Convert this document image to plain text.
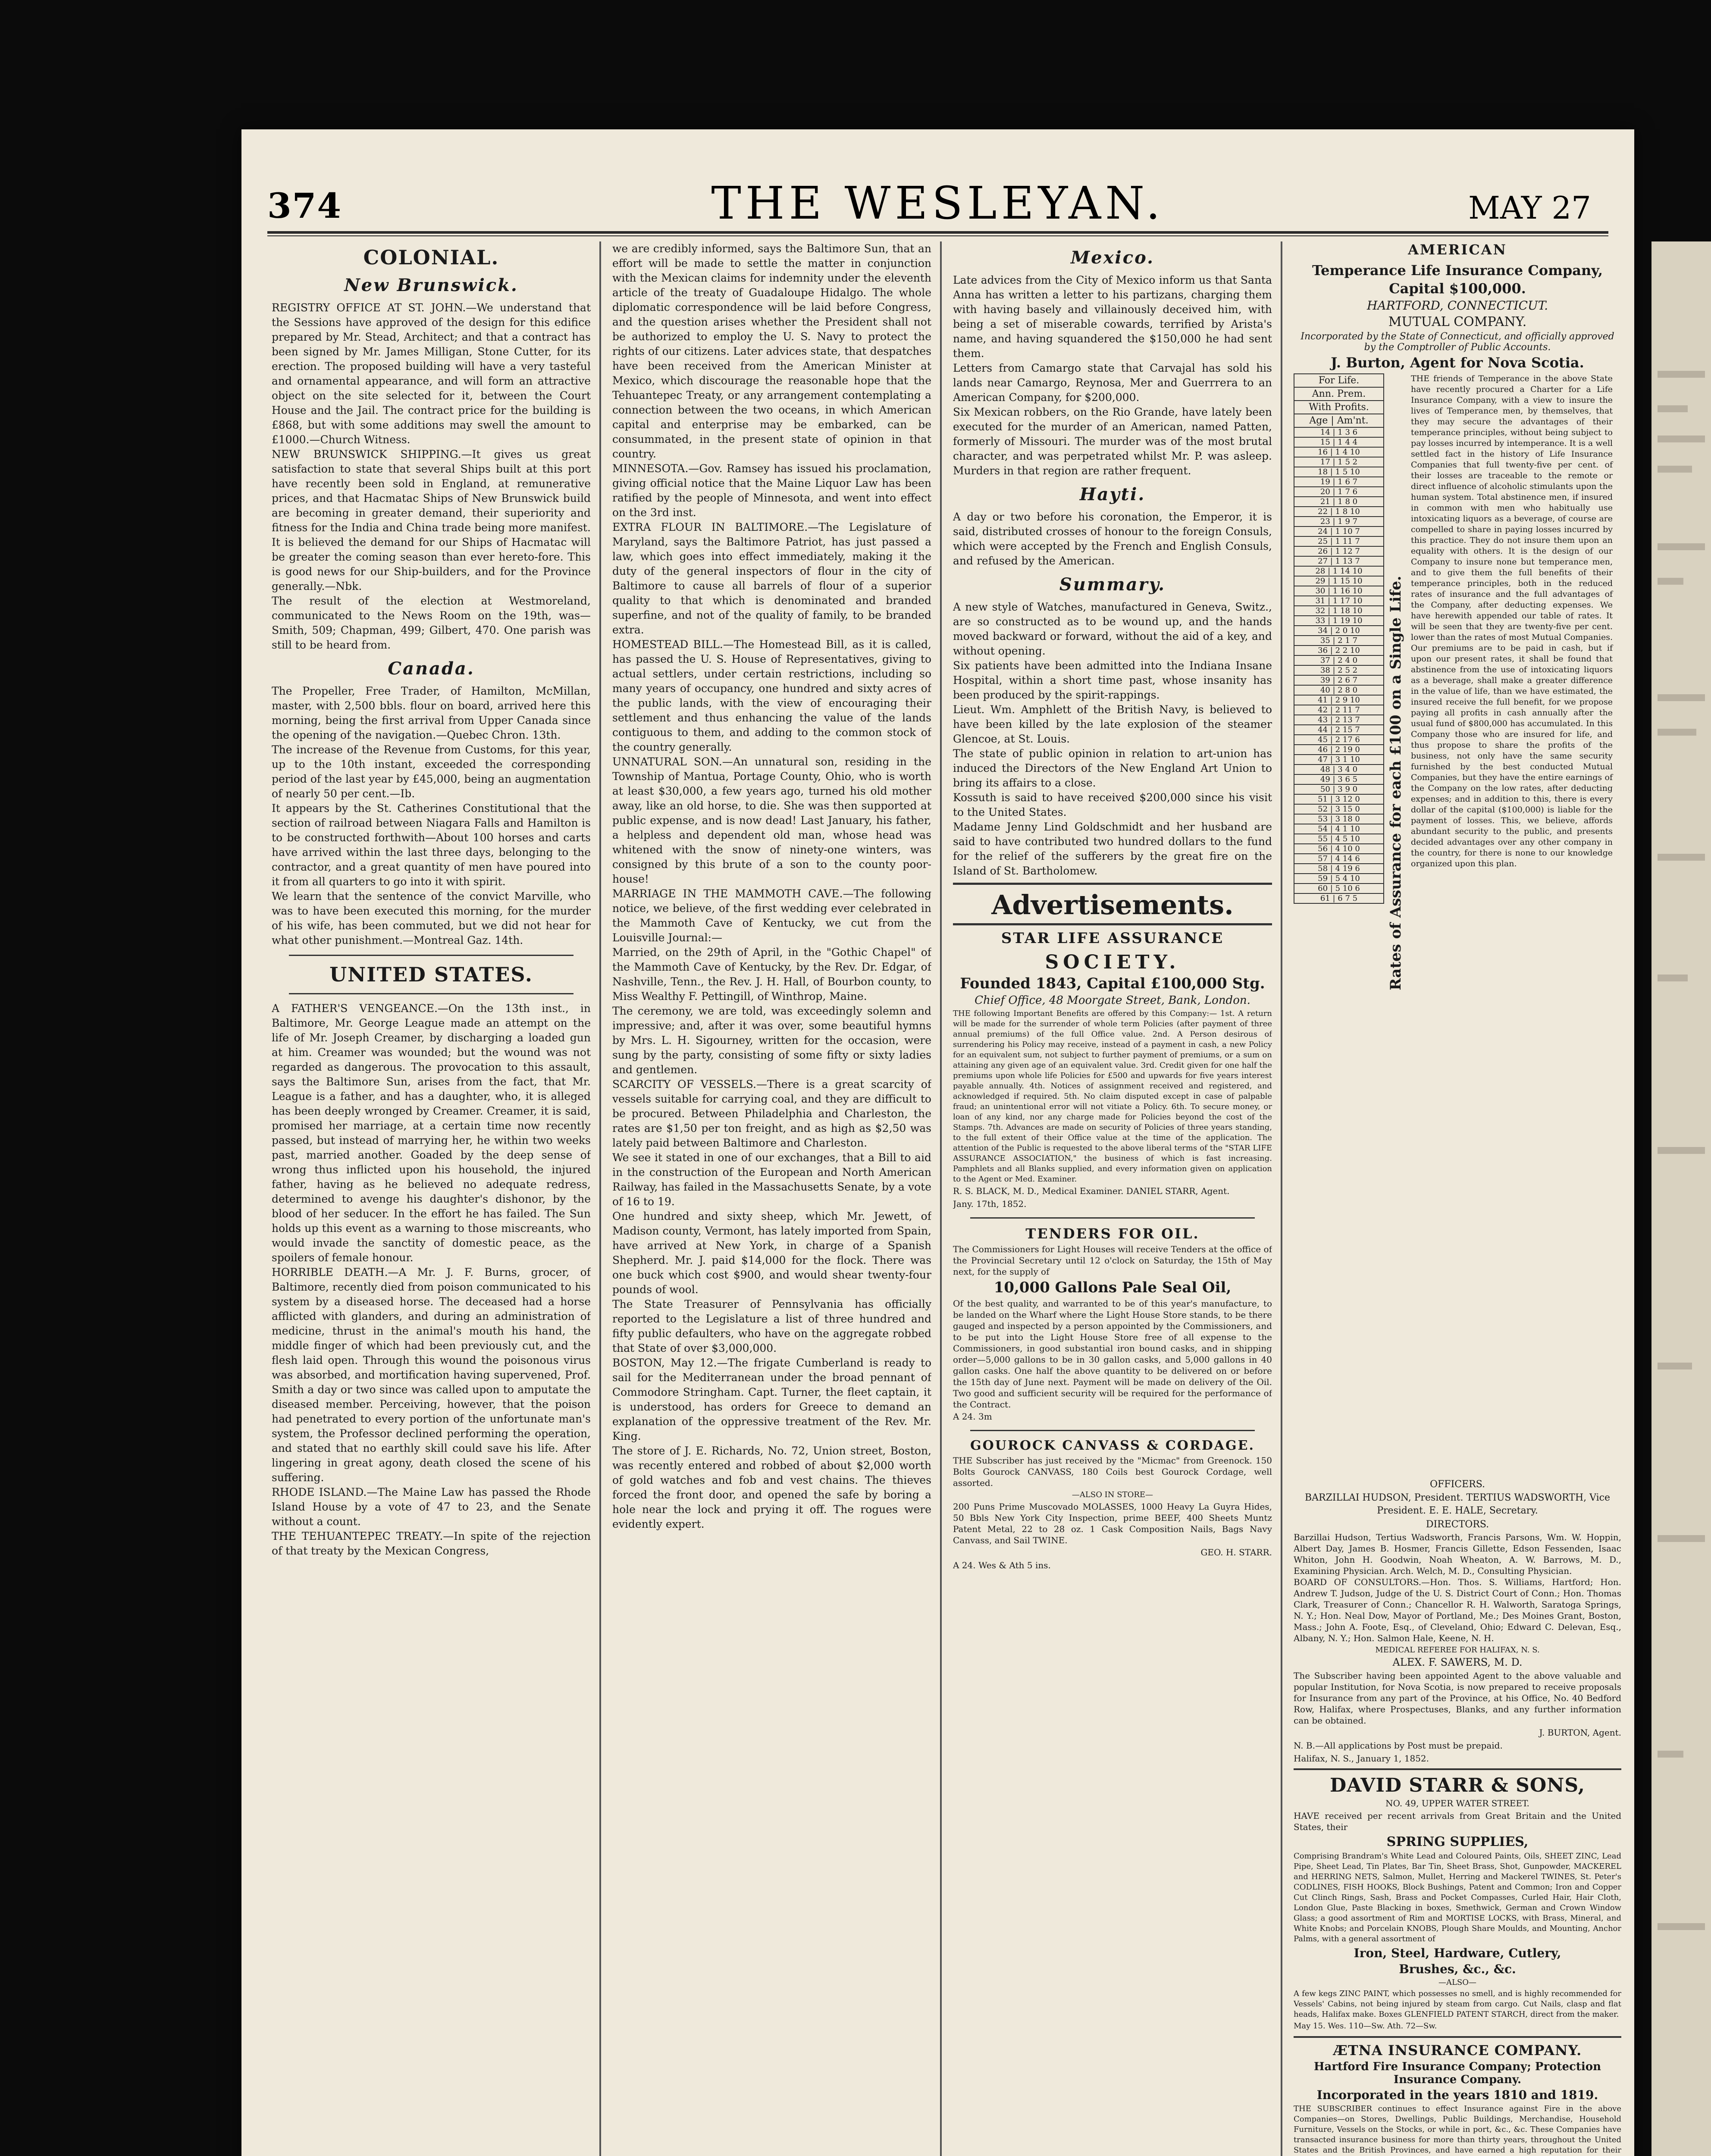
374	THE WESLEYAN.	MAY 27
COLONIAL.
New Brunswick.

REGISTRY OFFICE AT ST. JOHN.—We understand that the Sessions have approved of the design for this edifice prepared by Mr. Stead, Architect; and that a contract has been signed by Mr. James Milligan, Stone Cutter, for its erection. The proposed building will have a very tasteful and ornamental appearance, and will form an attractive object on the site selected for it, between the Court House and the Jail. The contract price for the building is £868, but with some additions may swell the amount to £1000.—Church Witness.

NEW BRUNSWICK SHIPPING.—It gives us great satisfaction to state that several Ships built at this port have recently been sold in England, at remunerative prices, and that Hacmatac Ships of New Brunswick build are becoming in greater demand, their superiority and fitness for the India and China trade being more manifest. It is believed the demand for our Ships of Hacmatac will be greater the coming season than ever hereto-fore. This is good news for our Ship-builders, and for the Province generally.—Nbk.

The result of the election at Westmoreland, communicated to the News Room on the 19th, was—Smith, 509; Chapman, 499; Gilbert, 470. One parish was still to be heard from.

Canada.

The Propeller, Free Trader, of Hamilton, McMillan, master, with 2,500 bbls. flour on board, arrived here this morning, being the first arrival from Upper Canada since the opening of the navigation.—Quebec Chron. 13th.

The increase of the Revenue from Customs, for this year, up to the 10th instant, exceeded the corresponding period of the last year by £45,000, being an augmentation of nearly 50 per cent.—Ib.

It appears by the St. Catherines Constitutional that the section of railroad between Niagara Falls and Hamilton is to be constructed forthwith—About 100 horses and carts have arrived within the last three days, belonging to the contractor, and a great quantity of men have poured into it from all quarters to go into it with spirit.

We learn that the sentence of the convict Marville, who was to have been executed this morning, for the murder of his wife, has been commuted, but we did not hear for what other punishment.—Montreal Gaz. 14th.

UNITED STATES.

A FATHER'S VENGEANCE.—On the 13th inst., in Baltimore, Mr. George League made an attempt on the life of Mr. Joseph Creamer, by discharging a loaded gun at him. Creamer was wounded; but the wound was not regarded as dangerous. The provocation to this assault, says the Baltimore Sun, arises from the fact, that Mr. League is a father, and has a daughter, who, it is alleged has been deeply wronged by Creamer. Creamer, it is said, promised her marriage, at a certain time now recently passed, but instead of marrying her, he within two weeks past, married another. Goaded by the deep sense of wrong thus inflicted upon his household, the injured father, having as he believed no adequate redress, determined to avenge his daughter's dishonor, by the blood of her seducer. In the effort he has failed. The Sun holds up this event as a warning to those miscreants, who would invade the sanctity of domestic peace, as the spoilers of female honour.

HORRIBLE DEATH.—A Mr. J. F. Burns, grocer, of Baltimore, recently died from poison communicated to his system by a diseased horse. The deceased had a horse afflicted with glanders, and during an administration of medicine, thrust in the animal's mouth his hand, the middle finger of which had been previously cut, and the flesh laid open. Through this wound the poisonous virus was absorbed, and mortification having supervened, Prof. Smith a day or two since was called upon to amputate the diseased member. Perceiving, however, that the poison had penetrated to every portion of the unfortunate man's system, the Professor declined performing the operation, and stated that no earthly skill could save his life. After lingering in great agony, death closed the scene of his suffering.

RHODE ISLAND.—The Maine Law has passed the Rhode Island House by a vote of 47 to 23, and the Senate without a count.

THE TEHUANTEPEC TREATY.—In spite of the rejection of that treaty by the Mexican Congress,

we are credibly informed, says the Baltimore Sun, that an effort will be made to settle the matter in conjunction with the Mexican claims for indemnity under the eleventh article of the treaty of Guadaloupe Hidalgo. The whole diplomatic correspondence will be laid before Congress, and the question arises whether the President shall not be authorized to employ the U. S. Navy to protect the rights of our citizens. Later advices state, that despatches have been received from the American Minister at Mexico, which discourage the reasonable hope that the Tehuantepec Treaty, or any arrangement contemplating a connection between the two oceans, in which American capital and enterprise may be embarked, can be consummated, in the present state of opinion in that country.

MINNESOTA.—Gov. Ramsey has issued his proclamation, giving official notice that the Maine Liquor Law has been ratified by the people of Minnesota, and went into effect on the 3rd inst.

EXTRA FLOUR IN BALTIMORE.—The Legislature of Maryland, says the Baltimore Patriot, has just passed a law, which goes into effect immediately, making it the duty of the general inspectors of flour in the city of Baltimore to cause all barrels of flour of a superior quality to that which is denominated and branded superfine, and not of the quality of family, to be branded extra.

HOMESTEAD BILL.—The Homestead Bill, as it is called, has passed the U. S. House of Representatives, giving to actual settlers, under certain restrictions, including so many years of occupancy, one hundred and sixty acres of the public lands, with the view of encouraging their settlement and thus enhancing the value of the lands contiguous to them, and adding to the common stock of the country generally.

UNNATURAL SON.—An unnatural son, residing in the Township of Mantua, Portage County, Ohio, who is worth at least $30,000, a few years ago, turned his old mother away, like an old horse, to die. She was then supported at public expense, and is now dead! Last January, his father, a helpless and dependent old man, whose head was whitened with the snow of ninety-one winters, was consigned by this brute of a son to the county poor-house!

MARRIAGE IN THE MAMMOTH CAVE.—The following notice, we believe, of the first wedding ever celebrated in the Mammoth Cave of Kentucky, we cut from the Louisville Journal:—

Married, on the 29th of April, in the "Gothic Chapel" of the Mammoth Cave of Kentucky, by the Rev. Dr. Edgar, of Nashville, Tenn., the Rev. J. H. Hall, of Bourbon county, to Miss Wealthy F. Pettingill, of Winthrop, Maine.

The ceremony, we are told, was exceedingly solemn and impressive; and, after it was over, some beautiful hymns by Mrs. L. H. Sigourney, written for the occasion, were sung by the party, consisting of some fifty or sixty ladies and gentlemen.

SCARCITY OF VESSELS.—There is a great scarcity of vessels suitable for carrying coal, and they are difficult to be procured. Between Philadelphia and Charleston, the rates are $1,50 per ton freight, and as high as $2,50 was lately paid between Baltimore and Charleston.

We see it stated in one of our exchanges, that a Bill to aid in the construction of the European and North American Railway, has failed in the Massachusetts Senate, by a vote of 16 to 19.

One hundred and sixty sheep, which Mr. Jewett, of Madison county, Vermont, has lately imported from Spain, have arrived at New York, in charge of a Spanish Shepherd. Mr. J. paid $14,000 for the flock. There was one buck which cost $900, and would shear twenty-four pounds of wool.

The State Treasurer of Pennsylvania has officially reported to the Legislature a list of three hundred and fifty public defaulters, who have on the aggregate robbed that State of over $3,000,000.

BOSTON, May 12.—The frigate Cumberland is ready to sail for the Mediterranean under the broad pennant of Commodore Stringham. Capt. Turner, the fleet captain, it is understood, has orders for Greece to demand an explanation of the oppressive treatment of the Rev. Mr. King.

The store of J. E. Richards, No. 72, Union street, Boston, was recently entered and robbed of about $2,000 worth of gold watches and fob and vest chains. The thieves forced the front door, and opened the safe by boring a hole near the lock and prying it off. The rogues were evidently expert.

Mexico.

Late advices from the City of Mexico inform us that Santa Anna has written a letter to his partizans, charging them with having basely and villainously deceived him, with being a set of miserable cowards, terrified by Arista's name, and having squandered the $150,000 he had sent them.

Letters from Camargo state that Carvajal has sold his lands near Camargo, Reynosa, Mer and Guerrrera to an American Company, for $200,000.

Six Mexican robbers, on the Rio Grande, have lately been executed for the murder of an American, named Patten, formerly of Missouri. The murder was of the most brutal character, and was perpetrated whilst Mr. P. was asleep. Murders in that region are rather frequent.

Hayti.

A day or two before his coronation, the Emperor, it is said, distributed crosses of honour to the foreign Consuls, which were accepted by the French and English Consuls, and refused by the American.

Summary.

A new style of Watches, manufactured in Geneva, Switz., are so constructed as to be wound up, and the hands moved backward or forward, without the aid of a key, and without opening.

Six patients have been admitted into the Indiana Insane Hospital, within a short time past, whose insanity has been produced by the spirit-rappings.

Lieut. Wm. Amphlett of the British Navy, is believed to have been killed by the late explosion of the steamer Glencoe, at St. Louis.

The state of public opinion in relation to art-union has induced the Directors of the New England Art Union to bring its affairs to a close.

Kossuth is said to have received $200,000 since his visit to the United States.

Madame Jenny Lind Goldschmidt and her husband are said to have contributed two hundred dollars to the fund for the relief of the sufferers by the great fire on the Island of St. Bartholomew.

Advertisements.
STAR LIFE ASSURANCE
SOCIETY.
Founded 1843, Capital £100,000 Stg.
Chief Office, 48 Moorgate Street, Bank, London.

THE following Important Benefits are offered by this Company:— 1st. A return will be made for the surrender of whole term Policies (after payment of three annual premiums) of the full Office value. 2nd. A Person desirous of surrendering his Policy may receive, instead of a payment in cash, a new Policy for an equivalent sum, not subject to further payment of premiums, or a sum on attaining any given age of an equivalent value. 3rd. Credit given for one half the premiums upon whole life Policies for £500 and upwards for five years interest payable annually. 4th. Notices of assignment received and registered, and acknowledged if required. 5th. No claim disputed except in case of palpable fraud; an unintentional error will not vitiate a Policy. 6th. To secure money, or loan of any kind, nor any charge made for Policies beyond the cost of the Stamps. 7th. Advances are made on security of Policies of three years standing, to the full extent of their Office value at the time of the application. The attention of the Public is requested to the above liberal terms of the "STAR LIFE ASSURANCE ASSOCIATION," the business of which is fast increasing. Pamphlets and all Blanks supplied, and every information given on application to the Agent or Med. Examiner.

R. S. BLACK, M. D., Medical Examiner. DANIEL STARR, Agent.

Jany. 17th, 1852.

TENDERS FOR OIL.

The Commissioners for Light Houses will receive Tenders at the office of the Provincial Secretary until 12 o'clock on Saturday, the 15th of May next, for the supply of

10,000 Gallons Pale Seal Oil,

Of the best quality, and warranted to be of this year's manufacture, to be landed on the Wharf where the Light House Store stands, to be there gauged and inspected by a person appointed by the Commissioners, and to be put into the Light House Store free of all expense to the Commissioners, in good substantial iron bound casks, and in shipping order—5,000 gallons to be in 30 gallon casks, and 5,000 gallons in 40 gallon casks. One half the above quantity to be delivered on or before the 15th day of June next. Payment will be made on delivery of the Oil. Two good and sufficient security will be required for the performance of the Contract.

A 24. 3m

GOUROCK CANVASS & CORDAGE.

THE Subscriber has just received by the "Micmac" from Greenock. 150 Bolts Gourock CANVASS, 180 Coils best Gourock Cordage, well assorted.

—ALSO IN STORE—

200 Puns Prime Muscovado MOLASSES, 1000 Heavy La Guyra Hides, 50 Bbls New York City Inspection, prime BEEF, 400 Sheets Muntz Patent Metal, 22 to 28 oz. 1 Cask Composition Nails, Bags Navy Canvass, and Sail TWINE.

GEO. H. STARR.

A 24. Wes & Ath 5 ins.

AMERICAN
Temperance Life Insurance Company,
Capital $100,000.
HARTFORD, CONNECTICUT.
MUTUAL COMPANY.
Incorporated by the State of Connecticut, and officially approved by the Comptroller of Public Accounts.
J. Burton, Agent for Nova Scotia.
For Life.
Ann. Prem.
With Profits.
Age | Am'nt.
14 | 1 3 6
15 | 1 4 4
16 | 1 4 10
17 | 1 5 2
18 | 1 5 10
19 | 1 6 7
20 | 1 7 6
21 | 1 8 0
22 | 1 8 10
23 | 1 9 7
24 | 1 10 7
25 | 1 11 7
26 | 1 12 7
27 | 1 13 7
28 | 1 14 10
29 | 1 15 10
30 | 1 16 10
31 | 1 17 10
32 | 1 18 10
33 | 1 19 10
34 | 2 0 10
35 | 2 1 7
36 | 2 2 10
37 | 2 4 0
38 | 2 5 2
39 | 2 6 7
40 | 2 8 0
41 | 2 9 10
42 | 2 11 7
43 | 2 13 7
44 | 2 15 7
45 | 2 17 6
46 | 2 19 0
47 | 3 1 10
48 | 3 4 0
49 | 3 6 5
50 | 3 9 0
51 | 3 12 0
52 | 3 15 0
53 | 3 18 0
54 | 4 1 10
55 | 4 5 10
56 | 4 10 0
57 | 4 14 6
58 | 4 19 6
59 | 5 4 10
60 | 5 10 6
61 | 6 7 5 Rates of Assurance for each £100 on a Single Life.

THE friends of Temperance in the above State have recently procured a Charter for a Life Insurance Company, with a view to insure the lives of Temperance men, by themselves, that they may secure the advantages of their temperance principles, without being subject to pay losses incurred by intemperance. It is a well settled fact in the history of Life Insurance Companies that full twenty-five per cent. of their losses are traceable to the remote or direct influence of alcoholic stimulants upon the human system. Total abstinence men, if insured in common with men who habitually use intoxicating liquors as a beverage, of course are compelled to share in paying losses incurred by this practice. They do not insure them upon an equality with others. It is the design of our Company to insure none but temperance men, and to give them the full benefits of their temperance principles, both in the reduced rates of insurance and the full advantages of the Company, after deducting expenses. We have herewith appended our table of rates. It will be seen that they are twenty-five per cent. lower than the rates of most Mutual Companies. Our premiums are to be paid in cash, but if upon our present rates, it shall be found that abstinence from the use of intoxicating liquors as a beverage, shall make a greater difference in the value of life, than we have estimated, the insured receive the full benefit, for we propose paying all profits in cash annually after the usual fund of $800,000 has accumulated. In this Company those who are insured for life, and thus propose to share the profits of the business, not only have the same security furnished by the best conducted Mutual Companies, but they have the entire earnings of the Company on the low rates, after deducting expenses; and in addition to this, there is every dollar of the capital ($100,000) is liable for the payment of losses. This, we believe, affords abundant security to the public, and presents decided advantages over any other company in the country, for there is none to our knowledge organized upon this plan.

OFFICERS.

BARZILLAI HUDSON, President. TERTIUS WADSWORTH, Vice President. E. E. HALE, Secretary.

DIRECTORS.

Barzillai Hudson, Tertius Wadsworth, Francis Parsons, Wm. W. Hoppin, Albert Day, James B. Hosmer, Francis Gillette, Edson Fessenden, Isaac Whiton, John H. Goodwin, Noah Wheaton, A. W. Barrows, M. D., Examining Physician. Arch. Welch, M. D., Consulting Physician.

BOARD OF CONSULTORS.—Hon. Thos. S. Williams, Hartford; Hon. Andrew T. Judson, Judge of the U. S. District Court of Conn.; Hon. Thomas Clark, Treasurer of Conn.; Chancellor R. H. Walworth, Saratoga Springs, N. Y.; Hon. Neal Dow, Mayor of Portland, Me.; Des Moines Grant, Boston, Mass.; John A. Foote, Esq., of Cleveland, Ohio; Edward C. Delevan, Esq., Albany, N. Y.; Hon. Salmon Hale, Keene, N. H.

MEDICAL REFEREE FOR HALIFAX, N. S.
ALEX. F. SAWERS, M. D.

The Subscriber having been appointed Agent to the above valuable and popular Institution, for Nova Scotia, is now prepared to receive proposals for Insurance from any part of the Province, at his Office, No. 40 Bedford Row, Halifax, where Prospectuses, Blanks, and any further information can be obtained.

J. BURTON, Agent.

N. B.—All applications by Post must be prepaid.

Halifax, N. S., January 1, 1852.

DAVID STARR & SONS,
NO. 49, UPPER WATER STREET.

HAVE received per recent arrivals from Great Britain and the United States, their

SPRING SUPPLIES,

Comprising Brandram's White Lead and Coloured Paints, Oils, SHEET ZINC, Lead Pipe, Sheet Lead, Tin Plates, Bar Tin, Sheet Brass, Shot, Gunpowder, MACKEREL and HERRING NETS, Salmon, Mullet, Herring and Mackerel TWINES, St. Peter's CODLINES, FISH HOOKS, Block Bushings, Patent and Common; Iron and Copper Cut Clinch Rings, Sash, Brass and Pocket Compasses, Curled Hair, Hair Cloth, London Glue, Paste Blacking in boxes, Smethwick, German and Crown Window Glass; a good assortment of Rim and MORTISE LOCKS, with Brass, Mineral, and White Knobs; and Porcelain KNOBS, Plough Share Moulds, and Mounting, Anchor Palms, with a general assortment of

Iron, Steel, Hardware, Cutlery,
Brushes, &c., &c.
—ALSO—

A few kegs ZINC PAINT, which possesses no smell, and is highly recommended for Vessels' Cabins, not being injured by steam from cargo. Cut Nails, clasp and flat heads, Halifax make. Boxes GLENFIELD PATENT STARCH, direct from the maker.

May 15. Wes. 110—Sw. Ath. 72—Sw.

ÆTNA INSURANCE COMPANY.
Hartford Fire Insurance Company; Protection Insurance Company.
Incorporated in the years 1810 and 1819.

THE SUBSCRIBER continues to effect Insurance against Fire in the above Companies—on Stores, Dwellings, Public Buildings, Merchandise, Household Furniture, Vessels on the Stocks, or while in port, &c., &c. These Companies have transacted insurance business for more than thirty years, throughout the United States and the British Provinces, and have earned a high reputation for their
